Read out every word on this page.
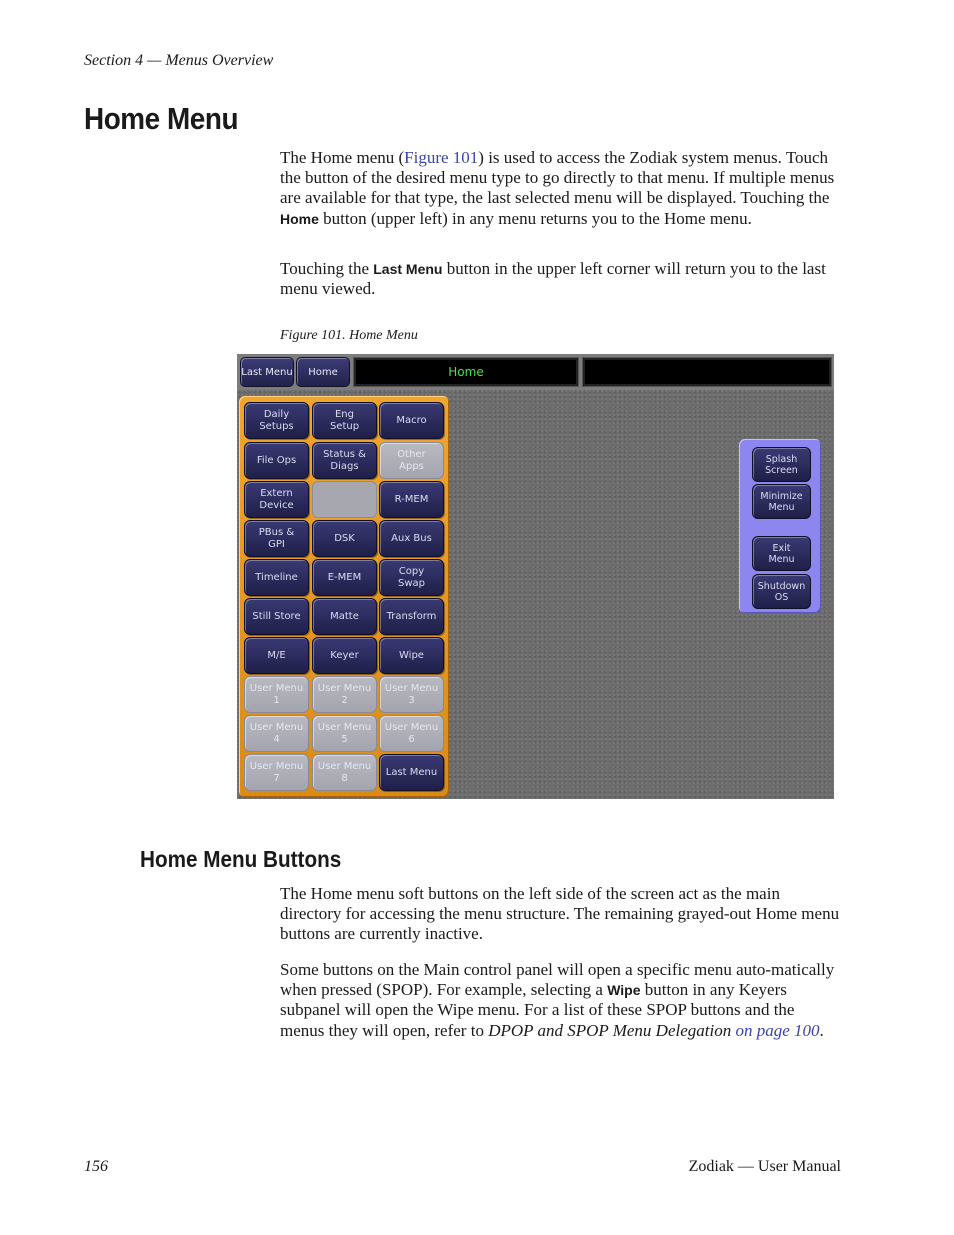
Section 4 — Menus Overview
Home Menu
The Home menu (Figure 101) is used to access the Zodiak system menus. Touch the button of the desired menu type to go directly to that menu. If multiple menus are available for that type, the last selected menu will be displayed. Touching the Home button (upper left) in any menu returns you to the Home menu.
Touching the Last Menu button in the upper left corner will return you to the last menu viewed.
Figure 101. Home Menu
Last Menu	Home	Home
Daily
Setups
Eng
Setup
Macro
File Ops
Status &
Diags
Other
Apps
Extern
Device
R-MEM
PBus &
GPI
DSK	Aux Bus
Timeline	E-MEM
Copy
Swap
Still Store	Matte	Transform
M/E	Keyer	Wipe
User Menu
1
User Menu
2
User Menu
3
User Menu
4
User Menu
5
User Menu
6
User Menu
7
User Menu
8
Last Menu
Splash
Screen
Minimize
Menu
Exit
Menu
Shutdown
OS
Home Menu Buttons
The Home menu soft buttons on the left side of the screen act as the main directory for accessing the menu structure. The remaining grayed-out Home menu buttons are currently inactive.
Some buttons on the Main control panel will open a specific menu auto-matically when pressed (SPOP). For example, selecting a Wipe button in any Keyers subpanel will open the Wipe menu. For a list of these SPOP buttons and the menus they will open, refer to DPOP and SPOP Menu Delegation on page 100.
156	Zodiak — User Manual
